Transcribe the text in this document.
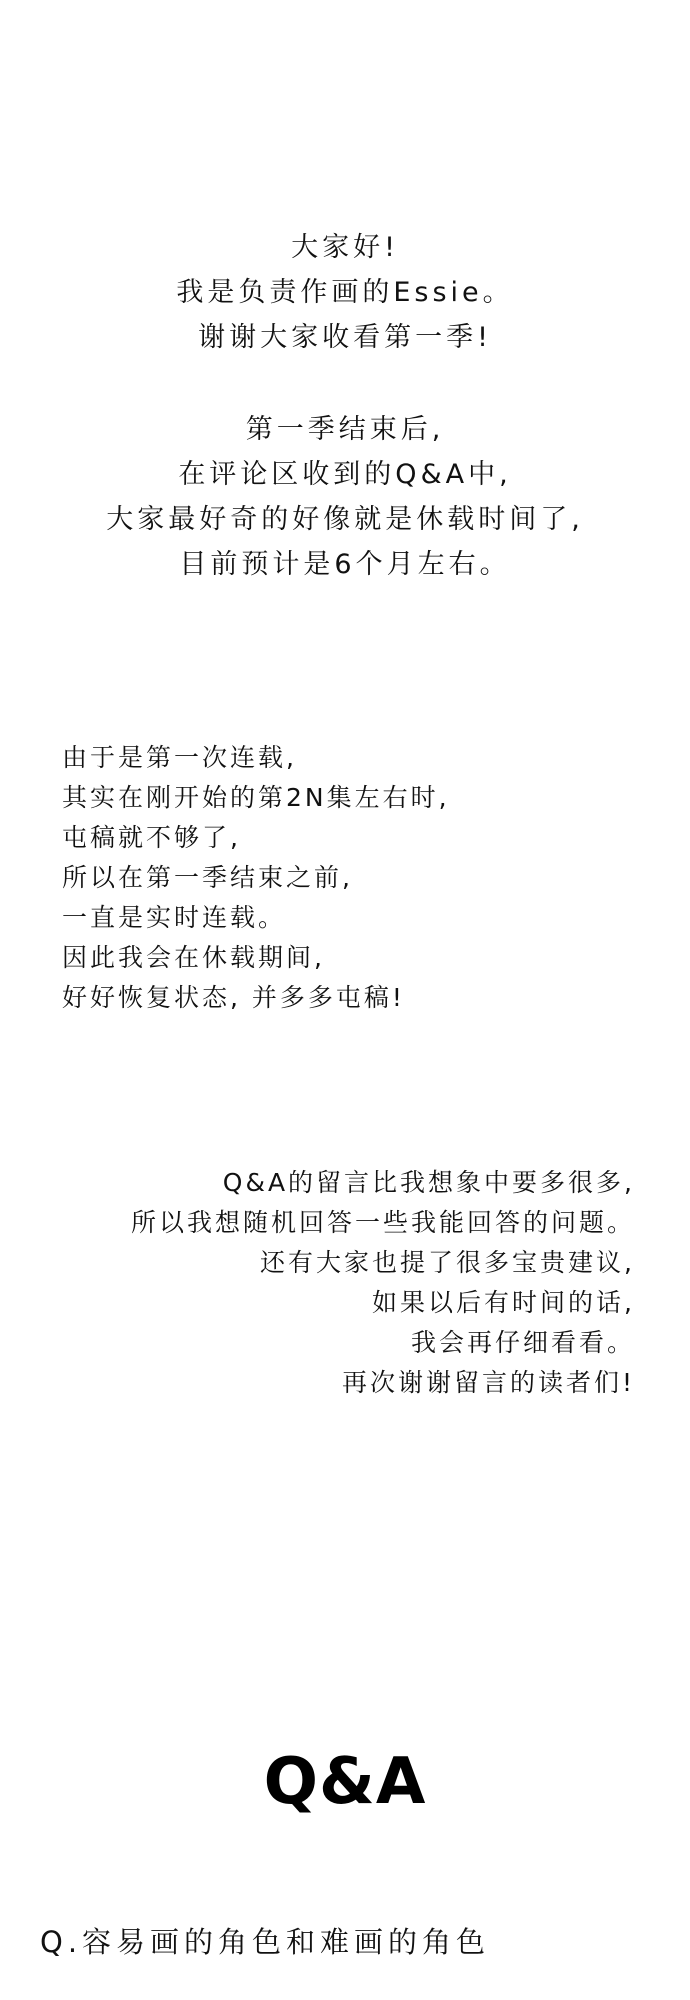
大家好!
我是负责作画的Essie。
谢谢大家收看第一季!
第一季结束后,
在评论区收到的Q&A中,
大家最好奇的好像就是休载时间了,
目前预计是6个月左右。
由于是第一次连载,
其实在刚开始的第2N集左右时,
屯稿就不够了,
所以在第一季结束之前,
一直是实时连载。
因此我会在休载期间,
好好恢复状态, 并多多屯稿!
Q&A的留言比我想象中要多很多,
所以我想随机回答一些我能回答的问题。
还有大家也提了很多宝贵建议,
如果以后有时间的话,
我会再仔细看看。
再次谢谢留言的读者们!
Q&A
Q.容易画的角色和难画的角色
